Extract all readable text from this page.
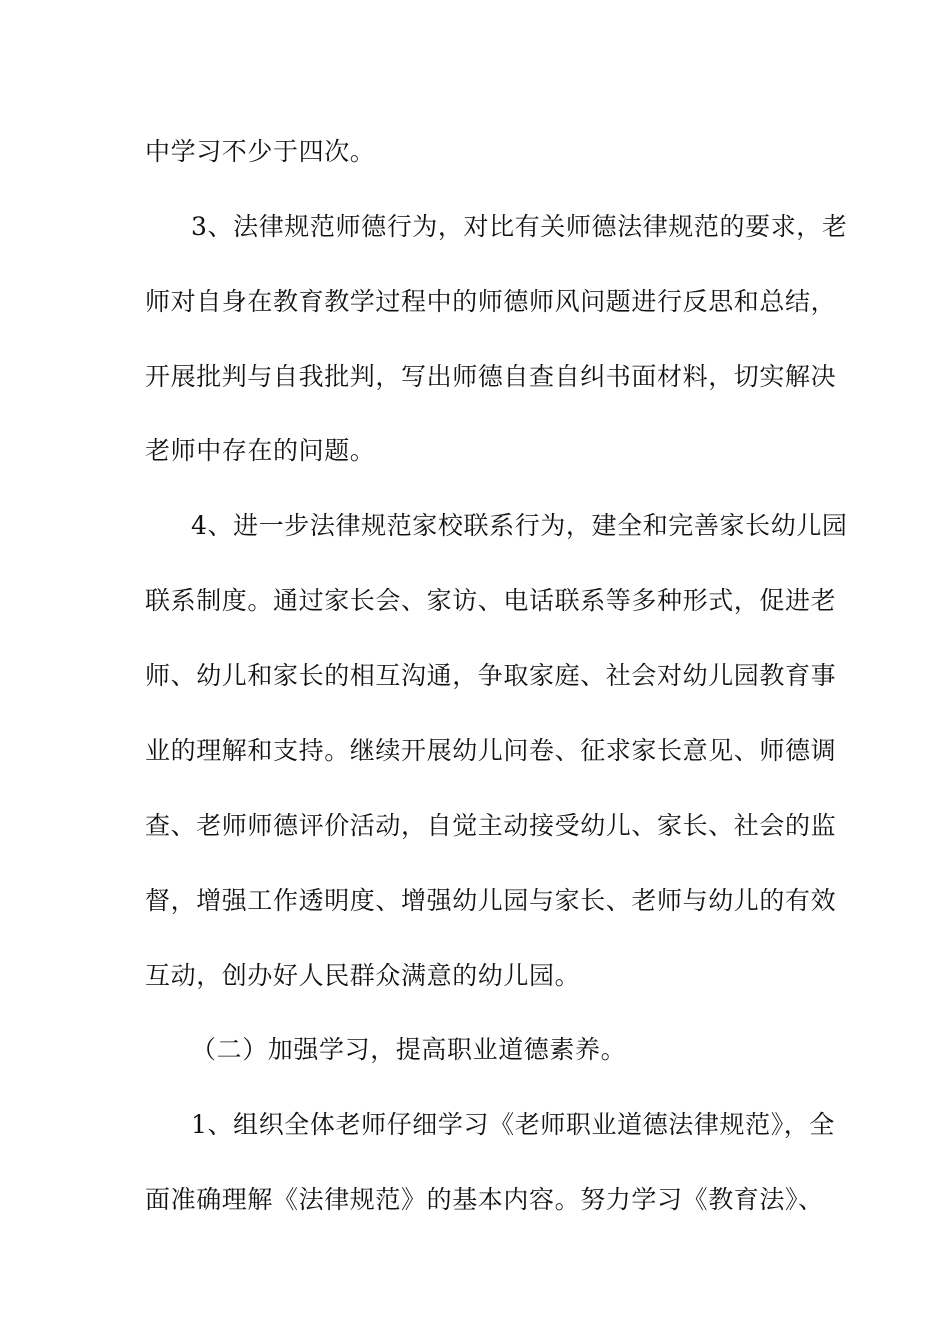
中学习不少于四次。
3、法律规范师德行为，对比有关师德法律规范的要求，老
师对自身在教育教学过程中的师德师风问题进行反思和总结，
开展批判与自我批判，写出师德自查自纠书面材料，切实解决
老师中存在的问题。
4、进一步法律规范家校联系行为，建全和完善家长幼儿园
联系制度。通过家长会、家访、电话联系等多种形式，促进老
师、幼儿和家长的相互沟通，争取家庭、社会对幼儿园教育事
业的理解和支持。继续开展幼儿问卷、征求家长意见、师德调
查、老师师德评价活动，自觉主动接受幼儿、家长、社会的监
督，增强工作透明度、增强幼儿园与家长、老师与幼儿的有效
互动，创办好人民群众满意的幼儿园。
（二）加强学习，提高职业道德素养。
1、组织全体老师仔细学习《老师职业道德法律规范》，全
面准确理解《法律规范》的基本内容。努力学习《教育法》、
